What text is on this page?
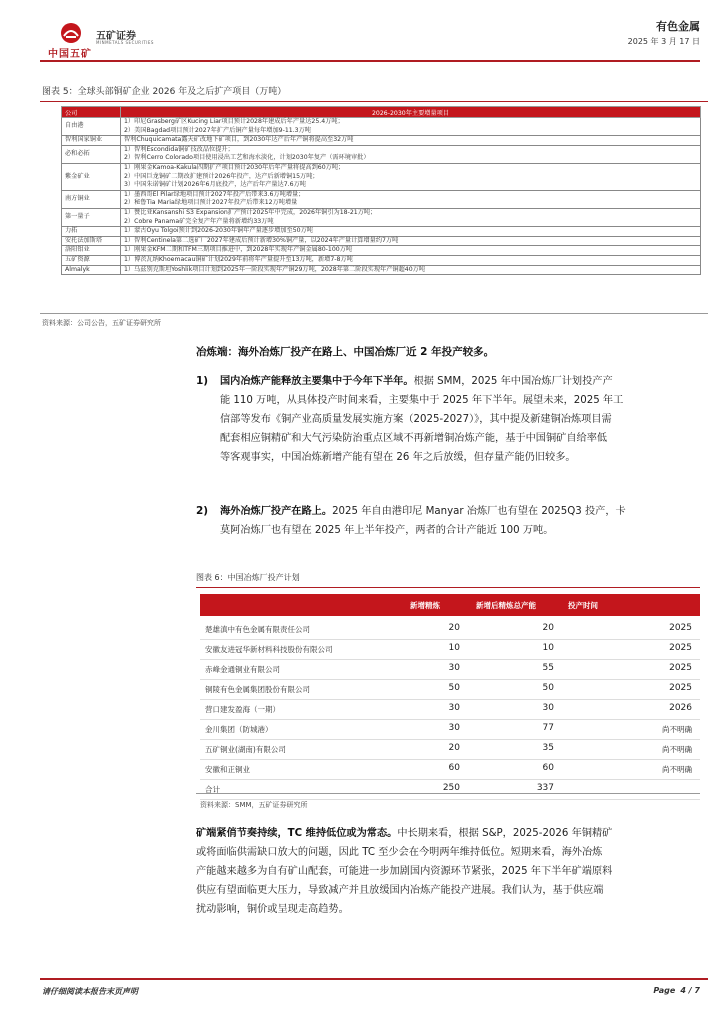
中国五矿
五矿证券
MINMETALS SECURITIES
有色金属
2025 年 3 月 17 日
图表 5：全球头部铜矿企业 2026 年及之后扩产项目（万吨）
公司	2026-2030年主要增量项目
自由港	1）印尼Grasberg矿区Kucing Liar项目预计2028年建成后年产量达25.4万吨；
2）美国Bagdad项目预计2027年扩产后铜产量每年增加9-11.3万吨

智利国家铜业	智利Chuquicamata露天矿改地下矿项目，到2030年达产后年产铜将提高至32万吨

必和必拓	1）智利Escondida铜矿技改品位提升；
2）智利Cerro Colorado项目使用浸出工艺和海水淡化，计划2030年复产（需环境审批）

紫金矿业	1）刚果金Kamoa-Kakula四期扩产项目预计2030年后年产量将提高到60万吨；
2）中国巨龙铜矿二期改扩建预计2026年投产，达产后新增铜15万吨；
3）中国朱诺铜矿计划2026年6月底投产，达产后年产量达7.6万吨

南方铜业	1）墨西哥El Pilar绿地项目预计2027年投产后带来3.6万吨增量；
2）秘鲁Tia Maria绿地项目预计2027年投产后带来12万吨增量

第一量子	1）赞比亚Kansanshi S3 Expansion扩产预计2025年中完成，2026年铜引为18-21万吨；
2）Cobre Panama矿完全复产年产量将新增约33万吨

力拓	1）蒙古Oyu Tolgoi预计到2026-2030年铜年产量逐步增加至50万吨

安托法加斯塔	1）智利Centinela第二选矿厂2027年建成后预计新增30%铜产量，以2024年产量计算增量约7万吨

洛阳钼业	1）刚果金KFM二期和TFM三期项目推进中，到2028年实现年产铜金属80-100万吨

五矿资源	1）博茨瓦纳Khoemacau铜矿计划2029年前将年产量提升至13万吨，新增7-8万吨

Almalyk	1）乌兹别克斯坦Yoshlik项目计划到2025年一阶段实现年产铜29万吨，2028年第二阶段实现年产铜超40万吨
资料来源：公司公告，五矿证券研究所
冶炼端：海外冶炼厂投产在路上、中国冶炼厂近 2 年投产较多。
1) 国内冶炼产能释放主要集中于今年下半年。根据 SMM，2025 年中国冶炼厂计划投产产
能 110 万吨，从具体投产时间来看，主要集中于 2025 年下半年。展望未来，2025 年工
信部等发布《铜产业高质量发展实施方案（2025-2027）》，其中提及新建铜冶炼项目需
配套相应铜精矿和大气污染防治重点区域不再新增铜冶炼产能，基于中国铜矿自给率低
等客观事实，中国冶炼新增产能有望在 26 年之后放缓，但存量产能仍旧较多。
2) 海外冶炼厂投产在路上。2025 年自由港印尼 Manyar 冶炼厂也有望在 2025Q3 投产，卡
莫阿冶炼厂也有望在 2025 年上半年投产，两者的合计产能近 100 万吨。
图表 6：中国冶炼厂投产计划
新增精炼	新增后精炼总产能	投产时间
楚雄滇中有色金属有限责任公司	20	20	2025
安徽友进冠华新材料科技股份有限公司	10	10	2025
赤峰金通铜业有限公司	30	55	2025
铜陵有色金属集团股份有限公司	50	50	2025
营口建发盈海（一期）	30	30	2026
金川集团（防城港）	30	77	尚不明确
五矿铜业(湖南)有限公司	20	35	尚不明确
安徽和正铜业	60	60	尚不明确
合计	250	337
资料来源：SMM，五矿证券研究所
矿端紧俏节奏持续，TC 维持低位或为常态。中长期来看，根据 S&P，2025-2026 年铜精矿
或将面临供需缺口放大的问题，因此 TC 至少会在今明两年维持低位。短期来看，海外冶炼
产能越来越多为自有矿山配套，可能进一步加剧国内资源环节紧张，2025 年下半年矿端原料
供应有望面临更大压力，导致减产并且放缓国内冶炼产能投产进展。我们认为，基于供应端
扰动影响，铜价或呈现走高趋势。
请仔细阅读本报告末页声明	Page 4 / 7
